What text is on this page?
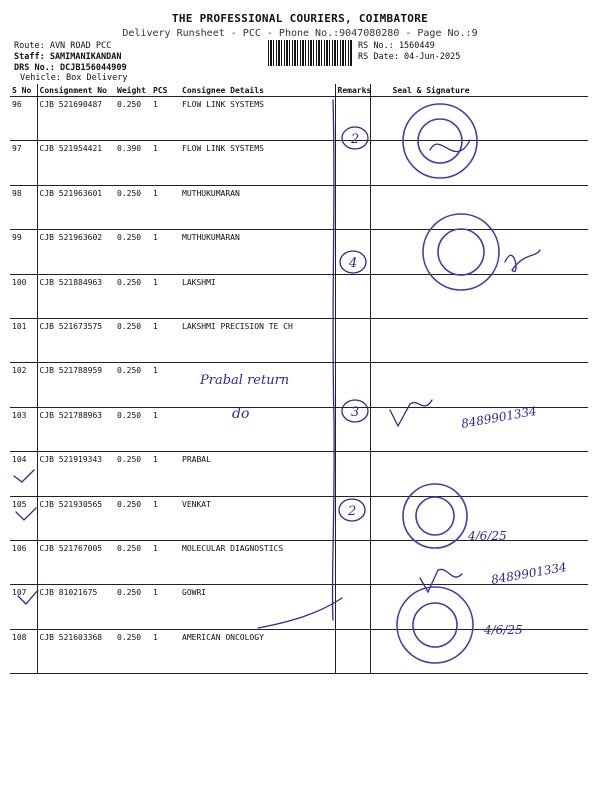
THE PROFESSIONAL COURIERS, COIMBATORE
Delivery Runsheet - PCC - Phone No.:9047080280 - Page No.:9
Route: AVN ROAD PCC
Staff: SAMIMANIKANDAN
DRS No.: DCJB156044909
Vehicle: Box Delivery
RS No.: 1560449
RS Date: 04-Jun-2025
S No	Consignment No	Weight	PCS	Consignee Details	Remarks	Seal & Signature
96	CJB 521690487	0.250	1	FLOW LINK SYSTEMS		
97	CJB 521954421	0.390	1	FLOW LINK SYSTEMS		
98	CJB 521963601	0.250	1	MUTHUKUMARAN		
99	CJB 521963602	0.250	1	MUTHUKUMARAN		
100	CJB 521884963	0.250	1	LAKSHMI		
101	CJB 521673575	0.250	1	LAKSHMI PRECISION TE CH		
102	CJB 521788959	0.250	1			
103	CJB 521788963	0.250	1			
104	CJB 521919343	0.250	1	PRABAL		
105	CJB 521930565	0.250	1	VENKAT		
106	CJB 521767005	0.250	1	MOLECULAR DIAGNOSTICS		
107	CJB 81021675	0.250	1	GOWRI		
108	CJB 521603368	0.250	1	AMERICAN ONCOLOGY		
Prabal return
do
2
4
3
2
8489901334
8489901334
4/6/25
4/6/25
